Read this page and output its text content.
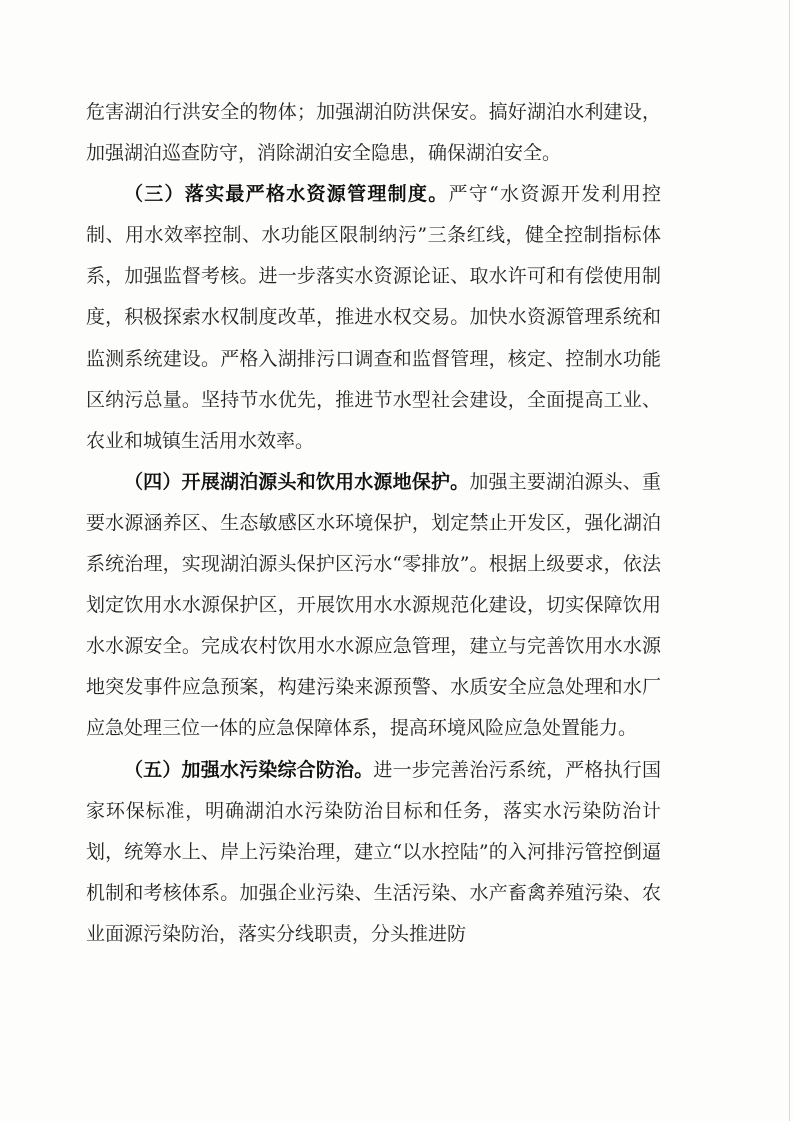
危害湖泊行洪安全的物体；加强湖泊防洪保安。搞好湖泊水利建设，加强湖泊巡查防守，消除湖泊安全隐患，确保湖泊安全。

（三）落实最严格水资源管理制度。严守“水资源开发利用控制、用水效率控制、水功能区限制纳污”三条红线，健全控制指标体系，加强监督考核。进一步落实水资源论证、取水许可和有偿使用制度，积极探索水权制度改革，推进水权交易。加快水资源管理系统和监测系统建设。严格入湖排污口调查和监督管理，核定、控制水功能区纳污总量。坚持节水优先，推进节水型社会建设，全面提高工业、农业和城镇生活用水效率。

（四）开展湖泊源头和饮用水源地保护。加强主要湖泊源头、重要水源涵养区、生态敏感区水环境保护，划定禁止开发区，强化湖泊系统治理，实现湖泊源头保护区污水“零排放”。根据上级要求，依法划定饮用水水源保护区，开展饮用水水源规范化建设，切实保障饮用水水源安全。完成农村饮用水水源应急管理，建立与完善饮用水水源地突发事件应急预案，构建污染来源预警、水质安全应急处理和水厂应急处理三位一体的应急保障体系，提高环境风险应急处置能力。

（五）加强水污染综合防治。进一步完善治污系统，严格执行国家环保标准，明确湖泊水污染防治目标和任务，落实水污染防治计划，统筹水上、岸上污染治理，建立“以水控陆”的入河排污管控倒逼机制和考核体系。加强企业污染、生活污染、水产畜禽养殖污染、农业面源污染防治，落实分线职责，分头推进防
